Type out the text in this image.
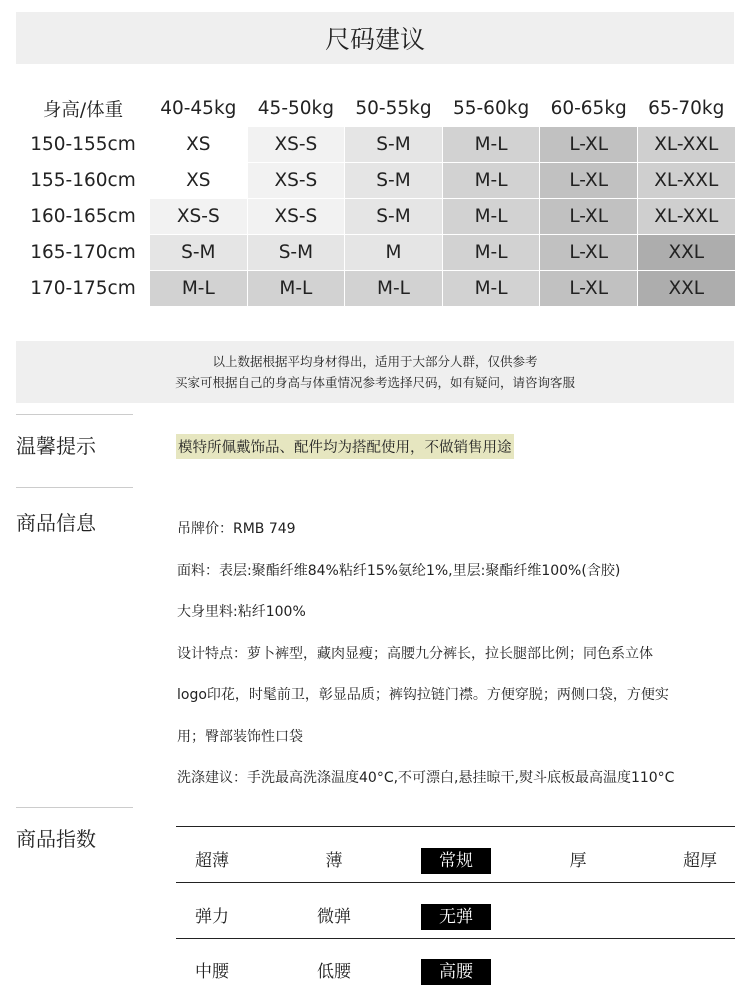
尺码建议
身高/体重	40-45kg	45-50kg	50-55kg	55-60kg	60-65kg	65-70kg
150-155cm	XS	XS-S	S-M	M-L	L-XL	XL-XXL
155-160cm	XS	XS-S	S-M	M-L	L-XL	XL-XXL
160-165cm	XS-S	XS-S	S-M	M-L	L-XL	XL-XXL
165-170cm	S-M	S-M	M	M-L	L-XL	XXL
170-175cm	M-L	M-L	M-L	M-L	L-XL	XXL
以上数据根据平均身材得出，适用于大部分人群，仅供参考
买家可根据自己的身高与体重情况参考选择尺码，如有疑问，请咨询客服
温馨提示	模特所佩戴饰品、配件均为搭配使用，不做销售用途
商品信息	吊牌价：RMB 749
面料：表层:聚酯纤维84%粘纤15%氨纶1%,里层:聚酯纤维100%(含胶)
大身里料:粘纤100%
设计特点：萝卜裤型，藏肉显瘦；高腰九分裤长，拉长腿部比例；同色系立体
logo印花，时髦前卫，彰显品质；裤钩拉链门襟。方便穿脱；两侧口袋，方便实
用；臀部装饰性口袋
洗涤建议：手洗最高洗涤温度40°C,不可漂白,悬挂晾干,熨斗底板最高温度110°C
商品指数
超薄	薄	常规	厚	超厚
弹力	微弹	无弹
中腰	低腰	高腰
